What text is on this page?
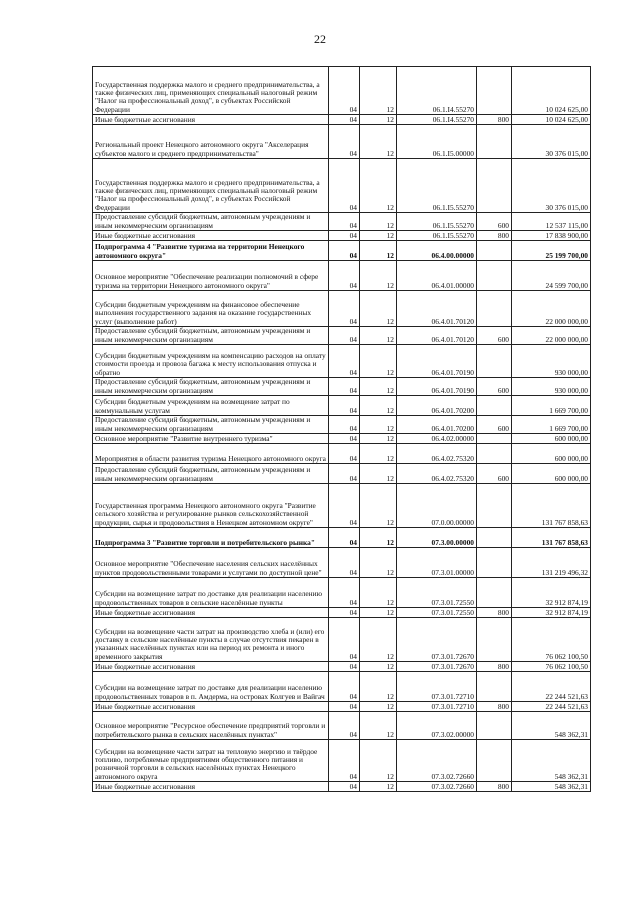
22
Государственная поддержка малого и среднего предпринимательства, а также физических лиц, применяющих специальный налоговый режим "Налог на профессиональный доход", в субъектах Российской Федерации	04	12	06.1.I4.55270		10 024 625,00
Иные бюджетные ассигнования	04	12	06.1.I4.55270	800	10 024 625,00
Региональный проект Ненецкого автономного округа "Акселерация субъектов малого и среднего предпринимательства"	04	12	06.1.I5.00000		30 376 015,00
Государственная поддержка малого и среднего предпринимательства, а также физических лиц, применяющих специальный налоговый режим "Налог на профессиональный доход", в субъектах Российской Федерации	04	12	06.1.I5.55270		30 376 015,00
Предоставление субсидий бюджетным, автономным учреждениям и иным некоммерческим организациям	04	12	06.1.I5.55270	600	12 537 115,00
Иные бюджетные ассигнования	04	12	06.1.I5.55270	800	17 838 900,00
Подпрограмма 4 "Развитие туризма на территории Ненецкого автономного округа"	04	12	06.4.00.00000		25 199 700,00
Основное мероприятие "Обеспечение реализации полномочий в сфере туризма на территории Ненецкого автономного округа"	04	12	06.4.01.00000		24 599 700,00
Субсидии бюджетным учреждениям на финансовое обеспечение выполнения государственного задания на оказание государственных услуг (выполнение работ)	04	12	06.4.01.70120		22 000 000,00
Предоставление субсидий бюджетным, автономным учреждениям и иным некоммерческим организациям	04	12	06.4.01.70120	600	22 000 000,00
Субсидии бюджетным учреждениям на компенсацию расходов на оплату стоимости проезда и провоза багажа к месту использования отпуска и обратно	04	12	06.4.01.70190		930 000,00
Предоставление субсидий бюджетным, автономным учреждениям и иным некоммерческим организациям	04	12	06.4.01.70190	600	930 000,00
Субсидии бюджетным учреждениям на возмещение затрат по коммунальным услугам	04	12	06.4.01.70200		1 669 700,00
Предоставление субсидий бюджетным, автономным учреждениям и иным некоммерческим организациям	04	12	06.4.01.70200	600	1 669 700,00
Основное мероприятие "Развитие внутреннего туризма"	04	12	06.4.02.00000		600 000,00
Мероприятия в области развития туризма Ненецкого автономного округа	04	12	06.4.02.75320		600 000,00
Предоставление субсидий бюджетным, автономным учреждениям и иным некоммерческим организациям	04	12	06.4.02.75320	600	600 000,00
Государственная программа Ненецкого автономного округа "Развитие сельского хозяйства и регулирование рынков сельскохозяйственной продукции, сырья и продовольствия в Ненецком автономном округе"	04	12	07.0.00.00000		131 767 858,63
Подпрограмма 3 "Развитие торговли и потребительского рынка"	04	12	07.3.00.00000		131 767 858,63
Основное мероприятие "Обеспечение населения сельских населённых пунктов продовольственными товарами и услугами по доступной цене"	04	12	07.3.01.00000		131 219 496,32
Субсидии на возмещение затрат по доставке для реализации населению продовольственных товаров в сельские населённые пункты	04	12	07.3.01.72550		32 912 874,19
Иные бюджетные ассигнования	04	12	07.3.01.72550	800	32 912 874,19
Субсидии на возмещение части затрат на производство хлеба и (или) его доставку в сельские населённые пункты в случае отсутствия пекарен в указанных населённых пунктах или на период их ремонта и иного временного закрытия	04	12	07.3.01.72670		76 062 100,50
Иные бюджетные ассигнования	04	12	07.3.01.72670	800	76 062 100,50
Субсидии на возмещение затрат по доставке для реализации населению продовольственных товаров в п. Амдерма, на островах Колгуев и Вайгач	04	12	07.3.01.72710		22 244 521,63
Иные бюджетные ассигнования	04	12	07.3.01.72710	800	22 244 521,63
Основное мероприятие "Ресурсное обеспечение предприятий торговли и потребительского рынка в сельских населённых пунктах"	04	12	07.3.02.00000		548 362,31
Субсидии на возмещение части затрат на тепловую энергию и твёрдое топливо, потребляемые предприятиями общественного питания и розничной торговли в сельских населённых пунктах Ненецкого автономного округа	04	12	07.3.02.72660		548 362,31
Иные бюджетные ассигнования	04	12	07.3.02.72660	800	548 362,31
